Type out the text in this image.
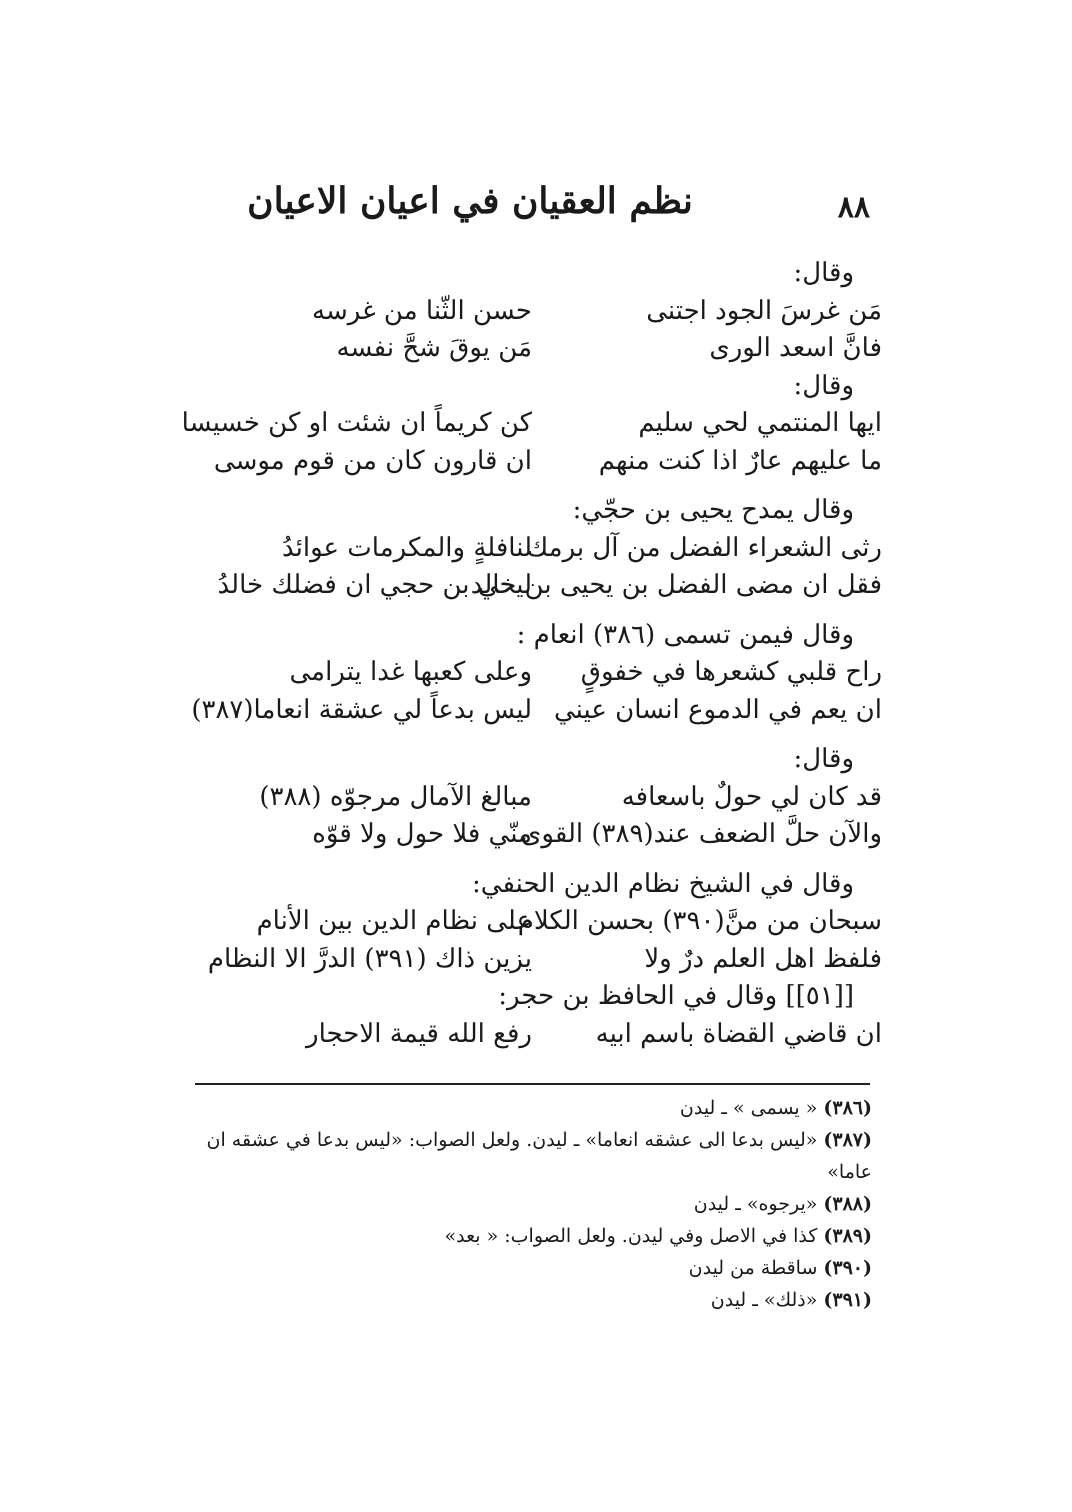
٨٨
نظم العقيان في اعيان الاعيان
وقال:
مَن غرسَ الجود اجتنى
حسن الثّنا من غرسه
فانَّ اسعد الورى
مَن يوقَ شحَّ نفسه
وقال:
ايها المنتمي لحي سليم
كن كريماً ان شئت او كن خسيسا
ما عليهم عارٌ اذا كنت منهم
ان قارون كان من قوم موسى
وقال يمدح يحيى بن حجّي:
رثى الشعراء الفضل من آل برمك
لنافلةٍ والمكرمات عوائدُ
فقل ان مضى الفضل بن يحيى بن خالد
ليحي بن حجي ان فضلك خالدُ
وقال فيمن تسمى (٣٨٦) انعام :
راح قلبي كشعرها في خفوقٍ
وعلى كعبها غدا يترامى
ان يعم في الدموع انسان عيني
ليس بدعاً لي عشقة انعاما(٣٨٧)
وقال:
قد كان لي حولٌ باسعافه
مبالغ الآمال مرجوّه (٣٨٨)
والآن حلَّ الضعف عند(٣٨٩) القوى
منّي فلا حول ولا قوّه
وقال في الشيخ نظام الدين الحنفي:
سبحان من منَّ(٣٩٠) بحسن الكلام
على نظام الدين بين الأنام
فلفظ اهل العلم درٌ ولا
يزين ذاك (٣٩١) الدرَّ الا النظام
[[٥١]] وقال في الحافظ بن حجر:
ان قاضي القضاة باسم ابيه
رفع الله قيمة الاحجار
(٣٨٦)« يسمى » ـ ليدن
(٣٨٧)«ليس بدعا الى عشقه انعاما» ـ ليدن. ولعل الصواب: «ليس بدعا في عشقه ان عاما»
(٣٨٨)«يرجوه» ـ ليدن
(٣٨٩)كذا في الاصل وفي ليدن. ولعل الصواب: « بعد»
(٣٩٠)ساقطة من ليدن
(٣٩١)«ذلك» ـ ليدن
